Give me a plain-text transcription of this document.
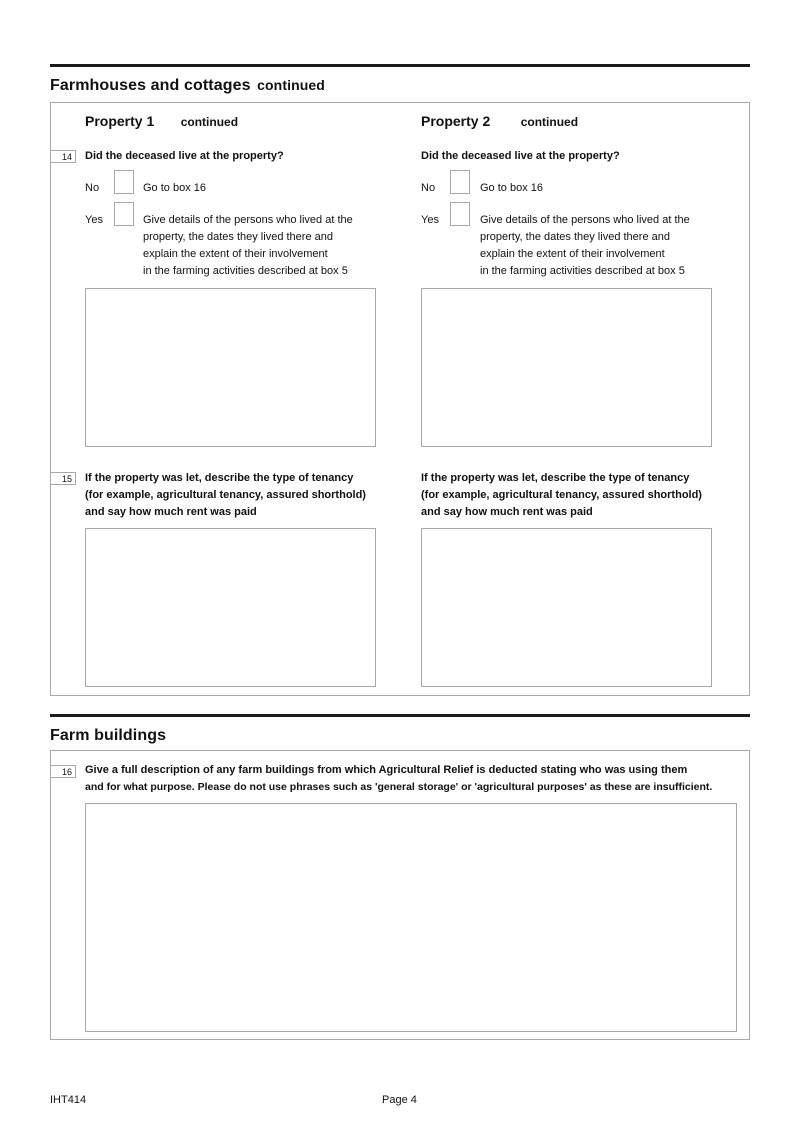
Farmhouses and cottages continued
14
15
Property 1 continued
Did the deceased live at the property?
No	Go to box 16
Yes	Give details of the persons who lived at the
property, the dates they lived there and
explain the extent of their involvement
in the farming activities described at box 5
If the property was let, describe the type of tenancy
(for example, agricultural tenancy, assured shorthold)
and say how much rent was paid
Property 2	continued
Did the deceased live at the property?
No	Go to box 16
Yes	Give details of the persons who lived at the
property, the dates they lived there and
explain the extent of their involvement
in the farming activities described at box 5
If the property was let, describe the type of tenancy
(for example, agricultural tenancy, assured shorthold)
and say how much rent was paid
Farm buildings
16	Give a full description of any farm buildings from which Agricultural Relief is deducted stating who was using them
and for what purpose. Please do not use phrases such as 'general storage' or 'agricultural purposes' as these are insufficient.
IHT414	Page 4
